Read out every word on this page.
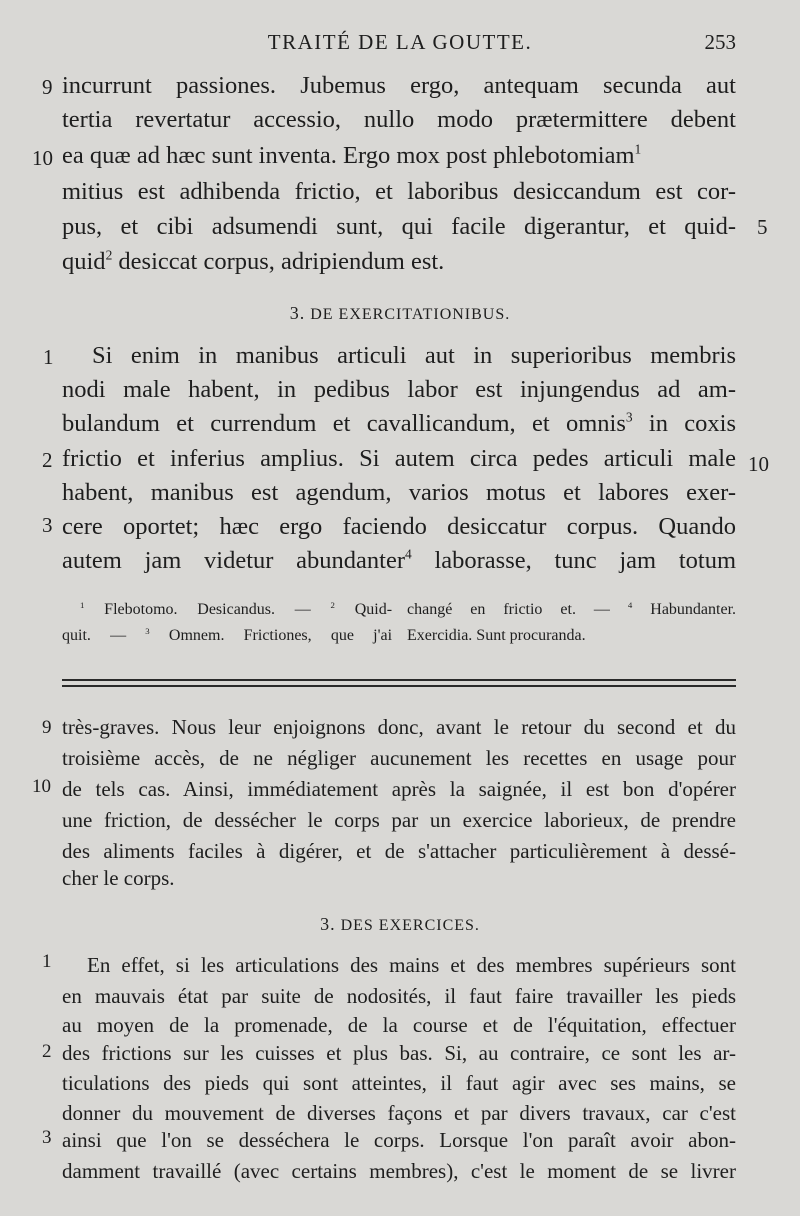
TRAITÉ DE LA GOUTTE.	253
9 incurrunt passiones. Jubemus ergo, antequam secunda aut
tertia revertatur accessio, nullo modo prætermittere debent
10 ea quæ ad hæc sunt inventa. Ergo mox post phlebotomiam$^1$
mitius est adhibenda frictio, et laboribus desiccandum est cor-
pus, et cibi adsumendi sunt, qui facile digerantur, et quid- 5
quid$^2$ desiccat corpus, adripiendum est.
3. DE EXERCITATIONIBUS.
1 Si enim in manibus articuli aut in superioribus membris
nodi male habent, in pedibus labor est injungendus ad am-
bulandum et currendum et cavallicandum, et omnis$^3$ in coxis
2 frictio et inferius amplius. Si autem circa pedes articuli male 10
habent, manibus est agendum, varios motus et labores exer-
3 cere oportet; hæc ergo faciendo desiccatur corpus. Quando
autem jam videtur abundanter$^4$ laborasse, tunc jam totum
$^1$ Flebotomo. Desicandus. — $^2$ Quid-
quit. — $^3$ Omnem. Frictiones, que j'ai
changé en frictio et. — $^4$ Habundanter.
Exercidia. Sunt procuranda.
9 très-graves. Nous leur enjoignons donc, avant le retour du second et du
troisième accès, de ne négliger aucunement les recettes en usage pour
10 de tels cas. Ainsi, immédiatement après la saignée, il est bon d'opérer
une friction, de dessécher le corps par un exercice laborieux, de prendre
des aliments faciles à digérer, et de s'attacher particulièrement à dessé-
cher le corps.
3. DES EXERCICES.
1 En effet, si les articulations des mains et des membres supérieurs sont
en mauvais état par suite de nodosités, il faut faire travailler les pieds
au moyen de la promenade, de la course et de l'équitation, effectuer
2 des frictions sur les cuisses et plus bas. Si, au contraire, ce sont les ar-
ticulations des pieds qui sont atteintes, il faut agir avec ses mains, se
donner du mouvement de diverses façons et par divers travaux, car c'est
3 ainsi que l'on se desséchera le corps. Lorsque l'on paraît avoir abon-
damment travaillé (avec certains membres), c'est le moment de se livrer
